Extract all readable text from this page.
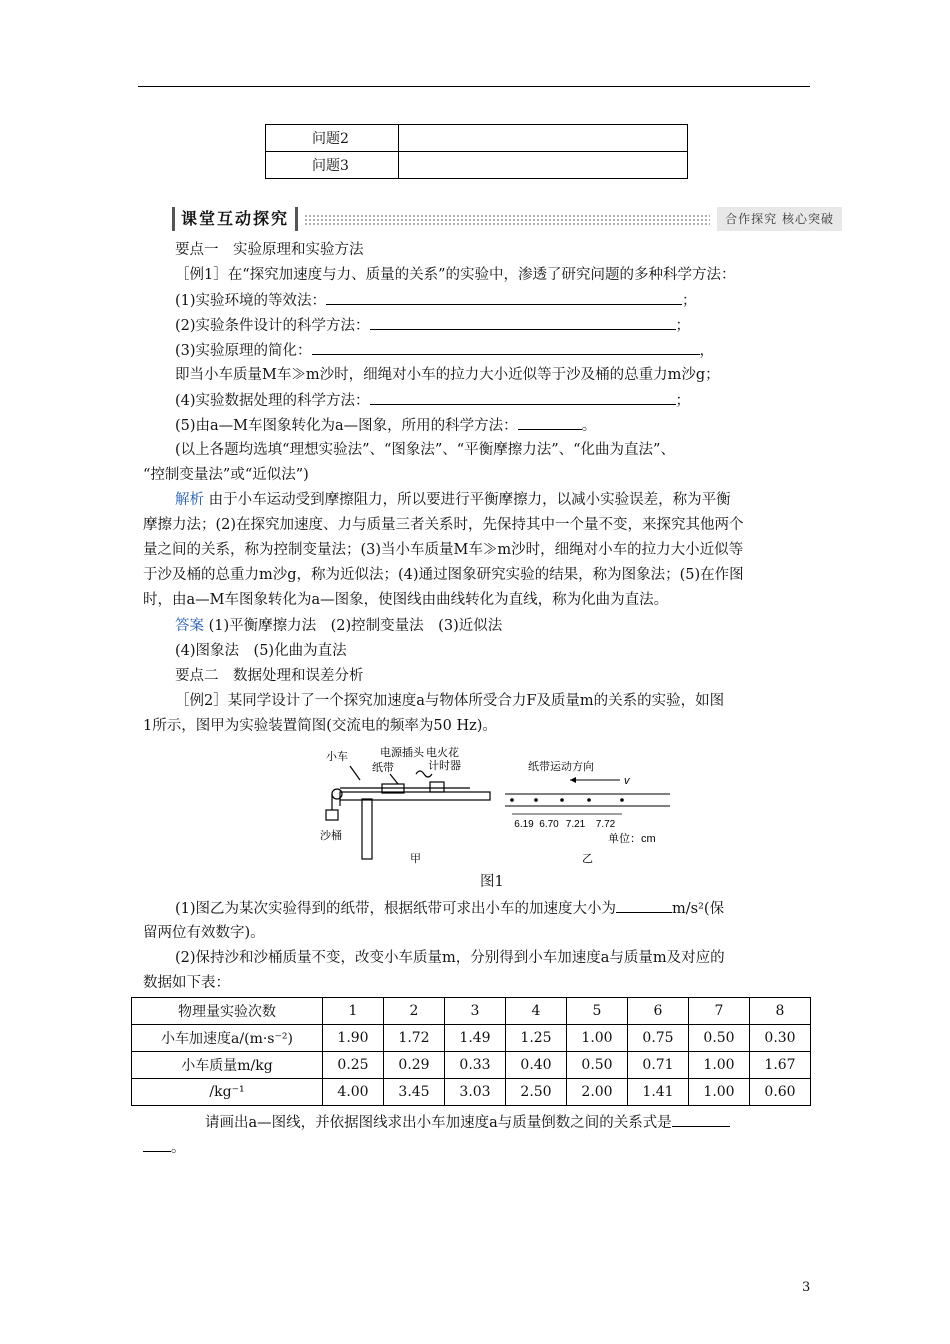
问题2	
问题3	
课堂互动探究	合作探究 核心突破
要点一　实验原理和实验方法
［例1］在“探究加速度与力、质量的关系”的实验中，渗透了研究问题的多种科学方法：
(1)实验环境的等效法：	；
(2)实验条件设计的科学方法：	；
(3)实验原理的简化：	，
即当小车质量M车≫m沙时，细绳对小车的拉力大小近似等于沙及桶的总重力m沙g；
(4)实验数据处理的科学方法：	；
(5)由a—M车图象转化为a—图象，所用的科学方法：	。
(以上各题均选填“理想实验法”、“图象法”、“平衡摩擦力法”、“化曲为直法”、
“控制变量法”或“近似法”)
解析 由于小车运动受到摩擦阻力，所以要进行平衡摩擦力，以减小实验误差，称为平衡
摩擦力法；(2)在探究加速度、力与质量三者关系时，先保持其中一个量不变，来探究其他两个
量之间的关系，称为控制变量法；(3)当小车质量M车≫m沙时，细绳对小车的拉力大小近似等
于沙及桶的总重力m沙g，称为近似法；(4)通过图象研究实验的结果，称为图象法；(5)在作图
时，由a—M车图象转化为a—图象，使图线由曲线转化为直线，称为化曲为直法。
答案 (1)平衡摩擦力法　(2)控制变量法　(3)近似法
(4)图象法　(5)化曲为直法
要点二　数据处理和误差分析
［例2］某同学设计了一个探究加速度a与物体所受合力F及质量m的关系的实验，如图
1所示，图甲为实验装置简图(交流电的频率为50 Hz)。
小车	电源插头
纸带
电火花
计时器
沙桶
甲
6.19 6.70 7.21 7.72
纸带运动方向
v
单位：cm
乙
图1
(1)图乙为某次实验得到的纸带，根据纸带可求出小车的加速度大小为	m/s²(保
留两位有效数字)。
(2)保持沙和沙桶质量不变，改变小车质量m，分别得到小车加速度a与质量m及对应的
数据如下表：
物理量实验次数	1	2	3	4	5	6	7	8
小车加速度a/(m·s⁻²)	1.90	1.72	1.49	1.25	1.00	0.75	0.50	0.30
小车质量m/kg	0.25	0.29	0.33	0.40	0.50	0.71	1.00	1.67
/kg⁻¹	4.00	3.45	3.03	2.50	2.00	1.41	1.00	0.60
请画出a—图线，并依据图线求出小车加速度a与质量倒数之间的关系式是
。
3
